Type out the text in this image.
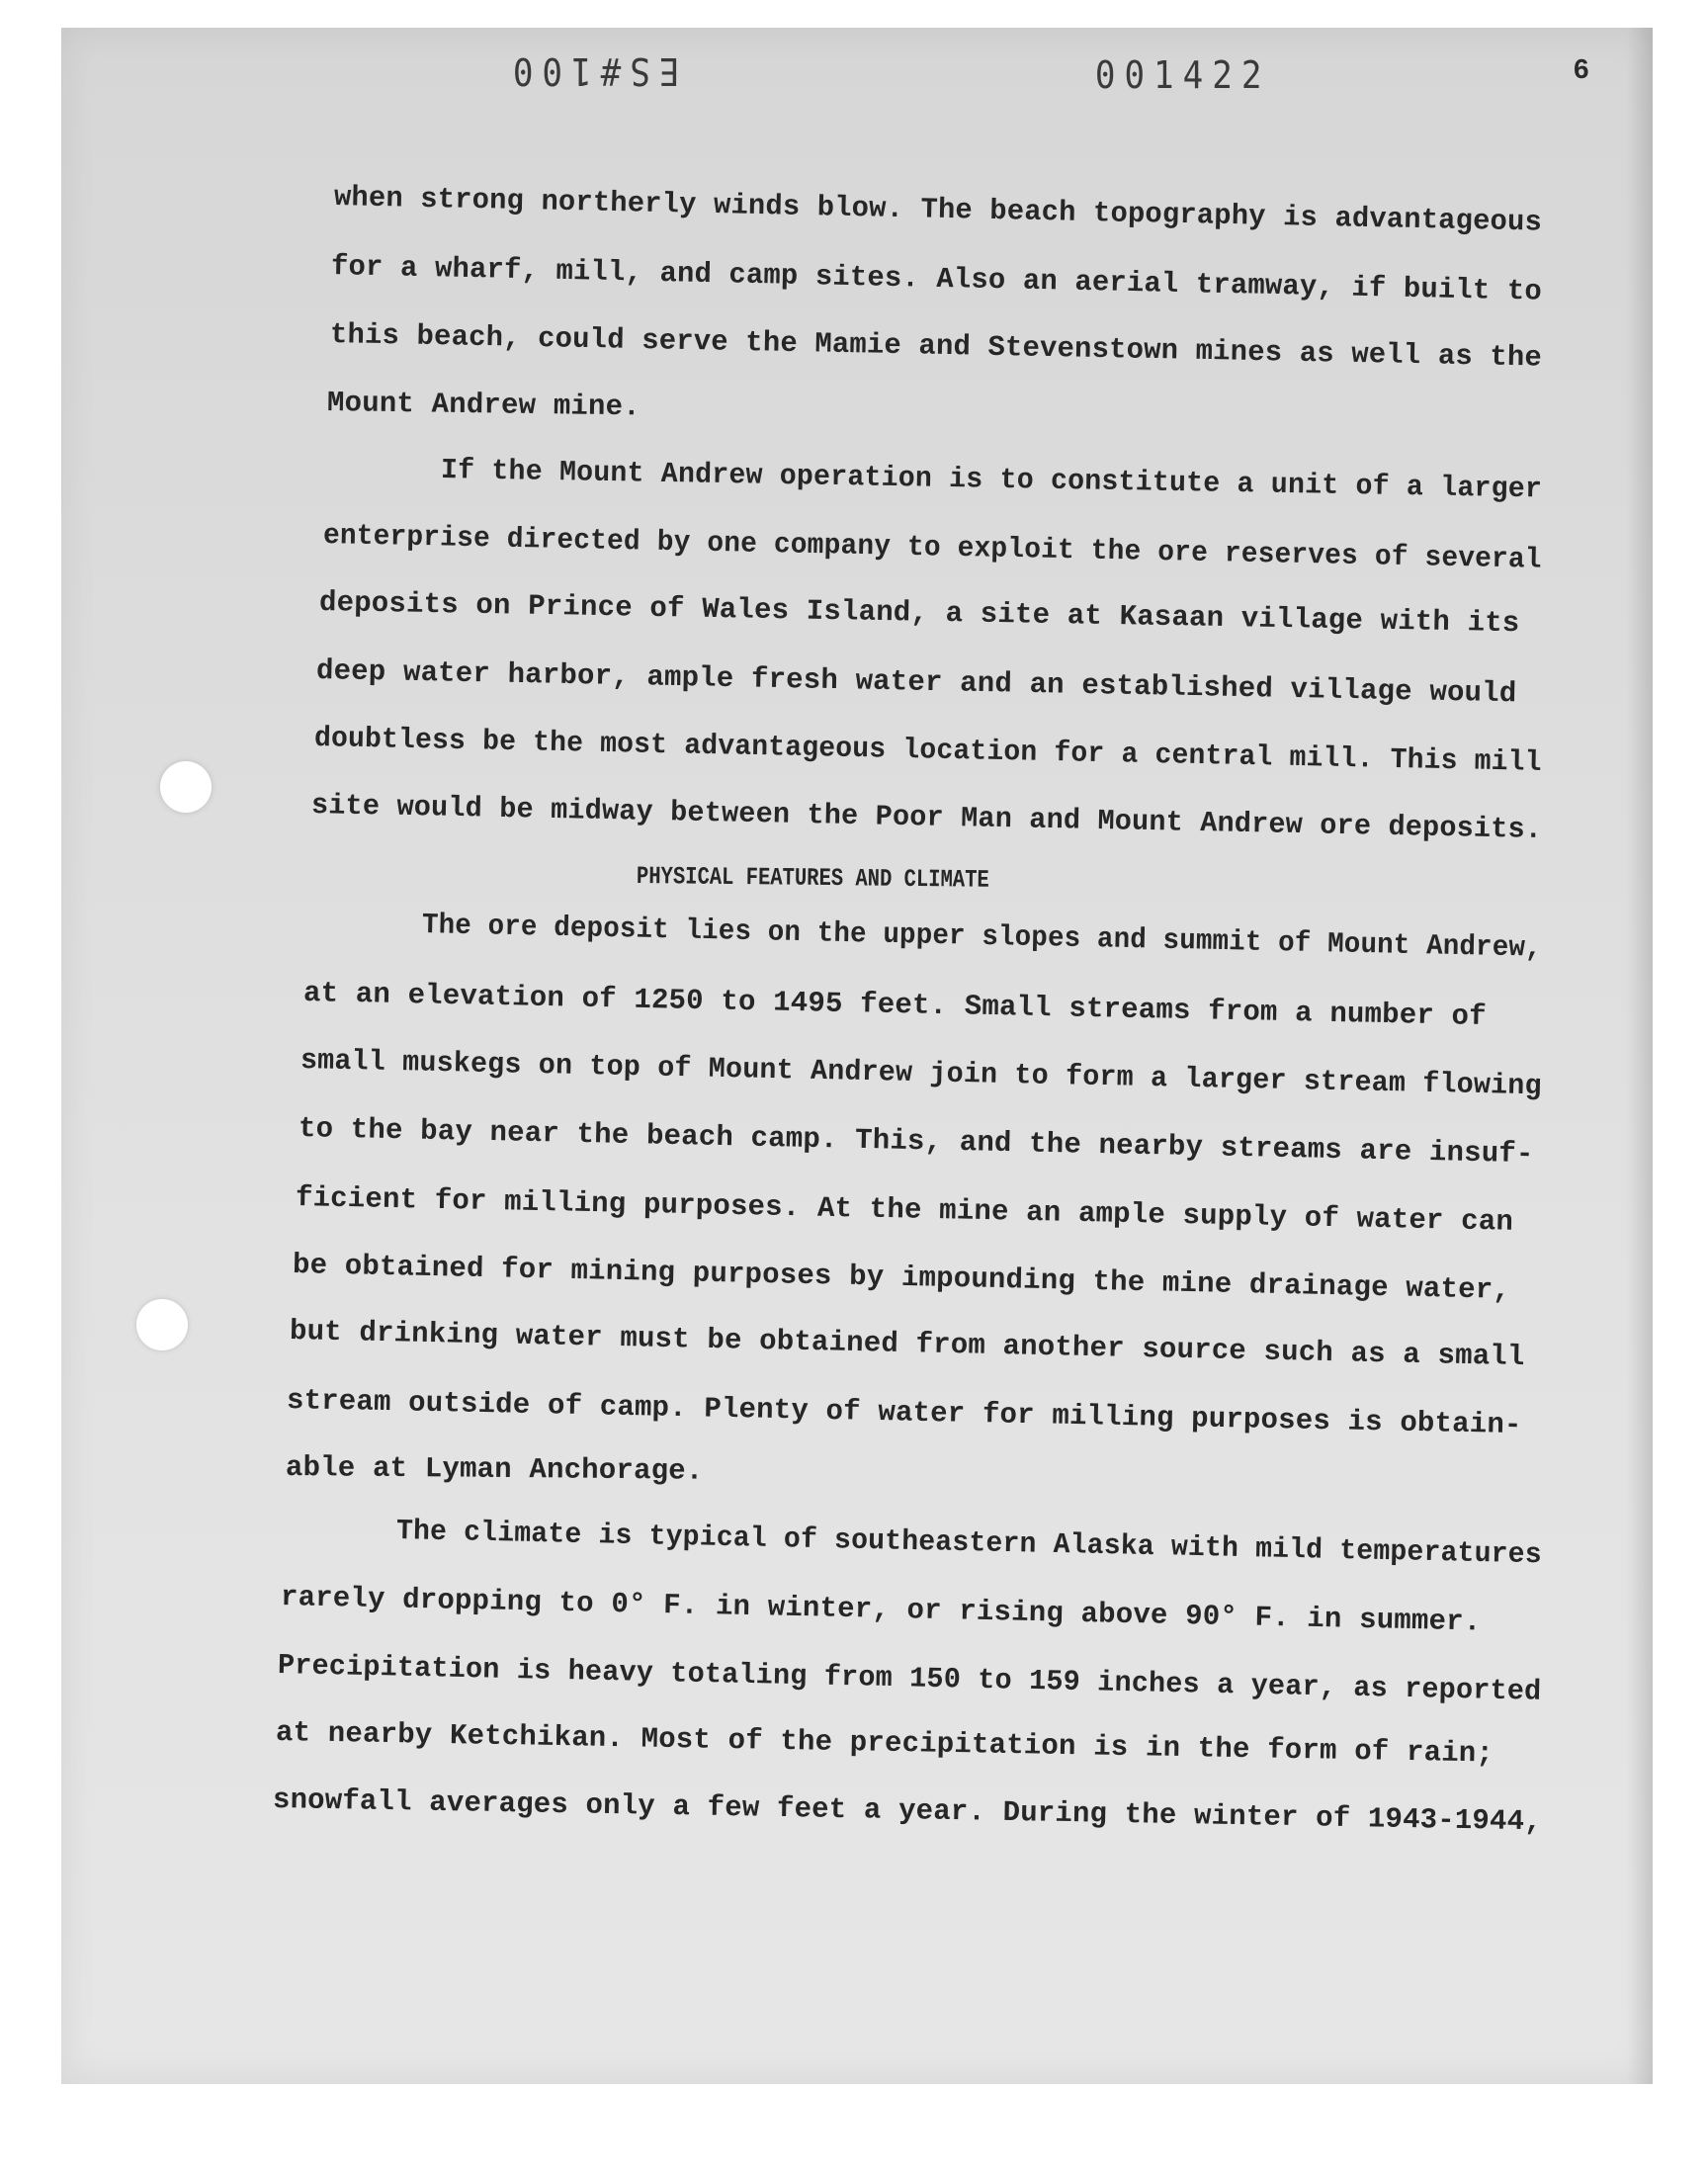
ES#100	001422	6
when strong northerly winds blow. The beach topography is advantageous
for a wharf, mill, and camp sites. Also an aerial tramway, if built to
this beach, could serve the Mamie and Stevenstown mines as well as the
Mount Andrew mine.
If the Mount Andrew operation is to constitute a unit of a larger
enterprise directed by one company to exploit the ore reserves of several
deposits on Prince of Wales Island, a site at Kasaan village with its
deep water harbor, ample fresh water and an established village would
doubtless be the most advantageous location for a central mill. This mill
site would be midway between the Poor Man and Mount Andrew ore deposits.
PHYSICAL FEATURES AND CLIMATE
The ore deposit lies on the upper slopes and summit of Mount Andrew,
at an elevation of 1250 to 1495 feet. Small streams from a number of
small muskegs on top of Mount Andrew join to form a larger stream flowing
to the bay near the beach camp. This, and the nearby streams are insuf-
ficient for milling purposes. At the mine an ample supply of water can
be obtained for mining purposes by impounding the mine drainage water,
but drinking water must be obtained from another source such as a small
stream outside of camp. Plenty of water for milling purposes is obtain-
able at Lyman Anchorage.
The climate is typical of southeastern Alaska with mild temperatures
rarely dropping to 0° F. in winter, or rising above 90° F. in summer.
Precipitation is heavy totaling from 150 to 159 inches a year, as reported
at nearby Ketchikan. Most of the precipitation is in the form of rain;
snowfall averages only a few feet a year. During the winter of 1943-1944,
